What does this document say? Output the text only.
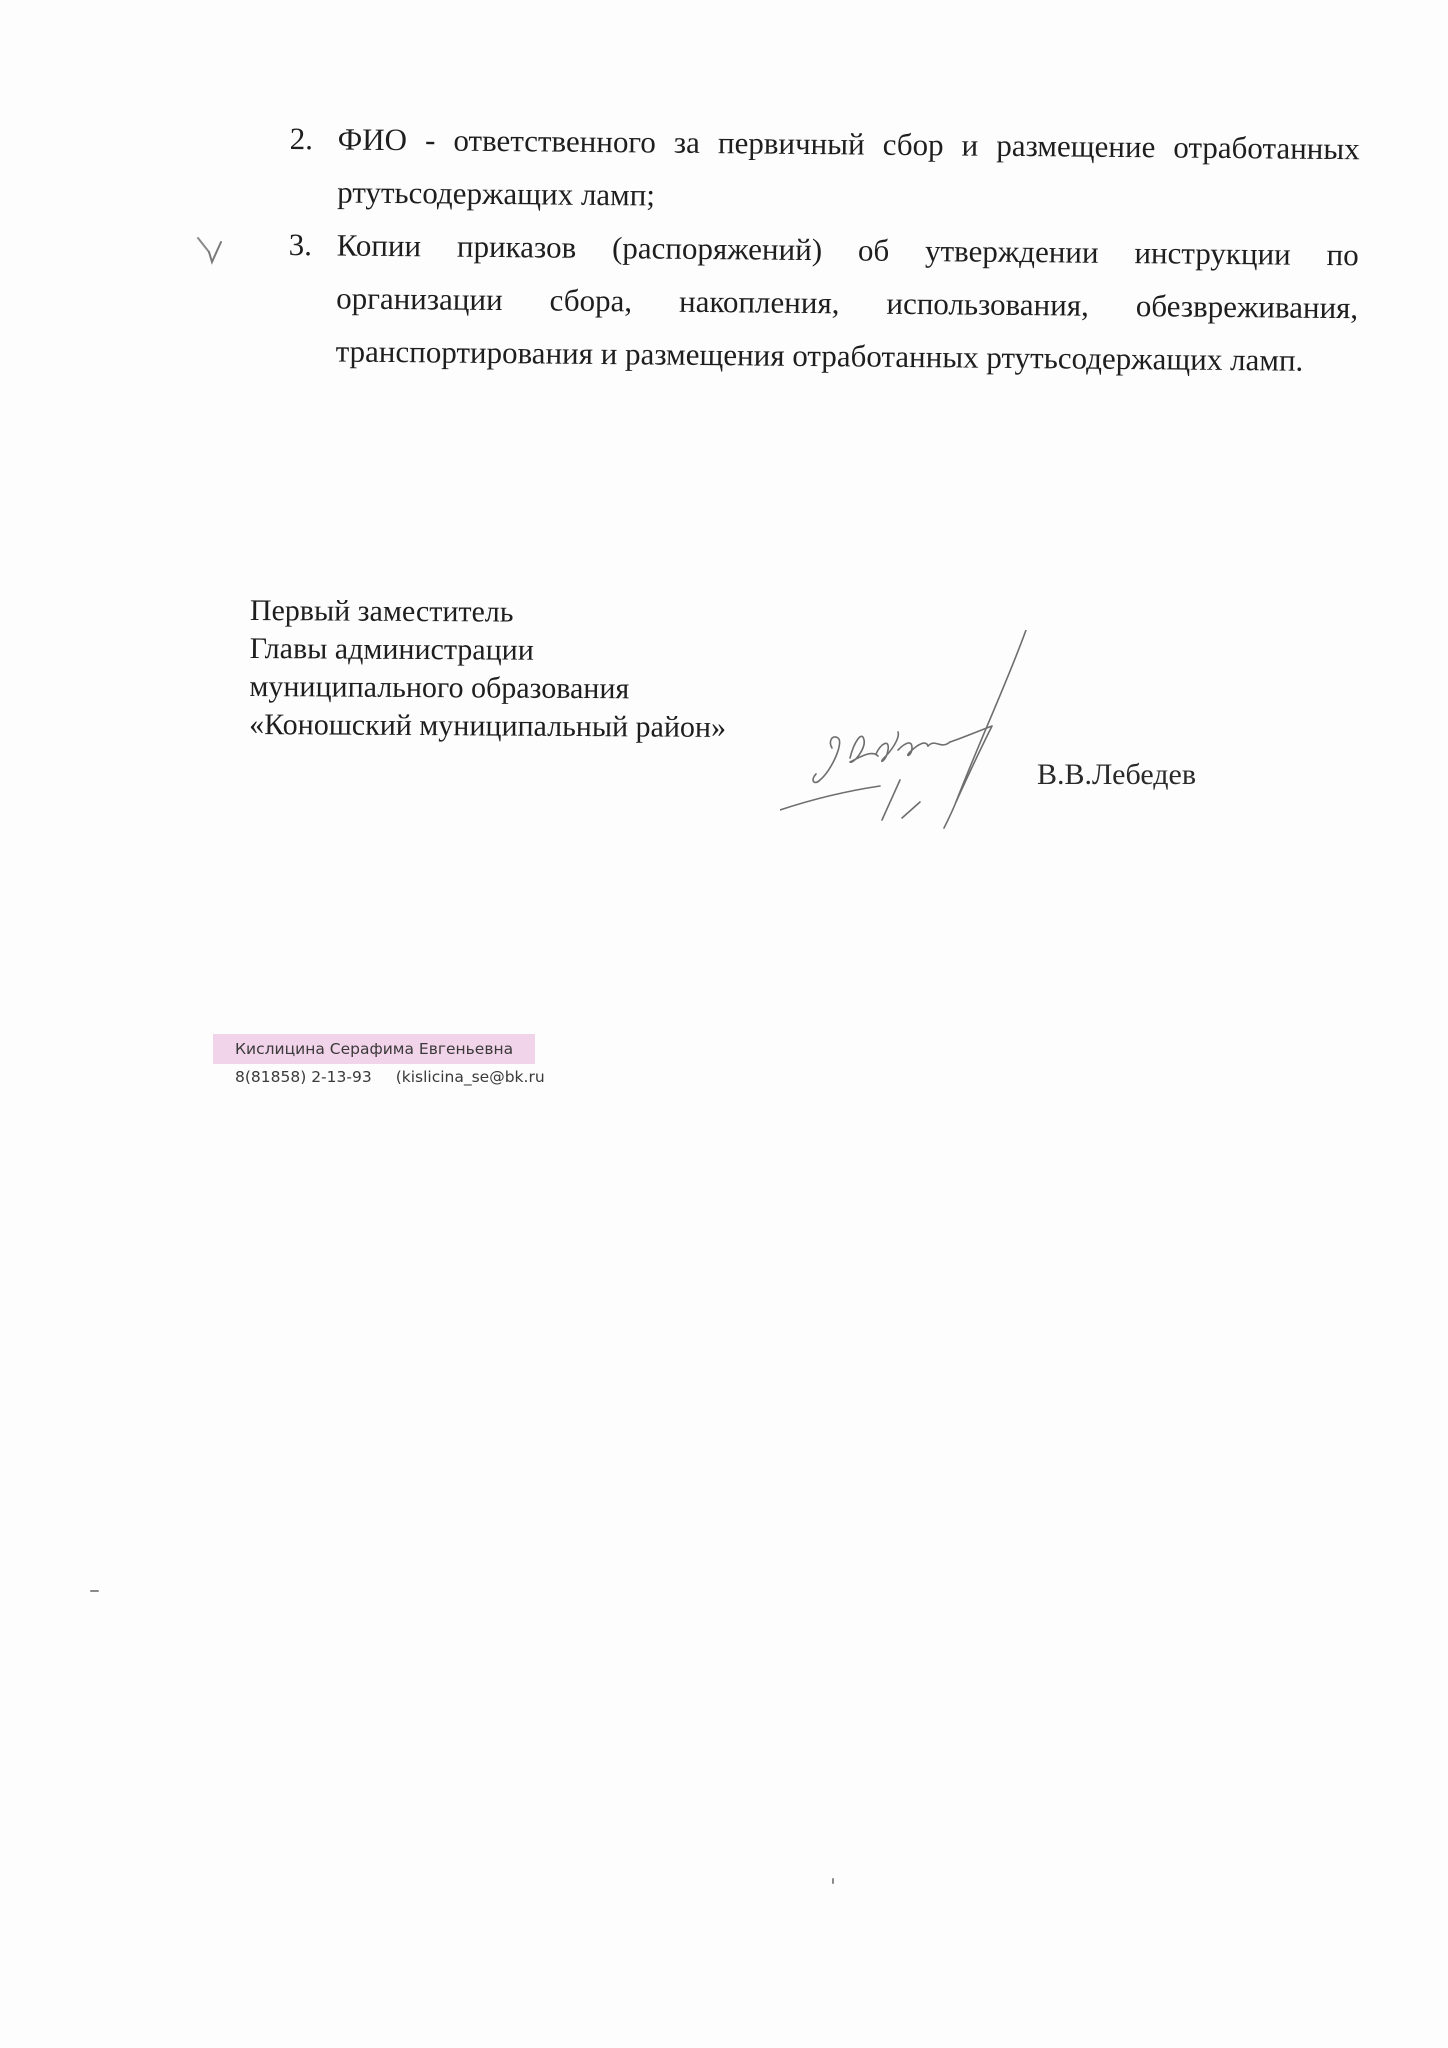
2. ФИО - ответственного за первичный сбор и размещение отработанных ртутьсодержащих ламп;
3. Копии приказов (распоряжений) об утверждении инструкции по организации сбора, накопления, использования, обезвреживания, транспортирования и размещения отработанных ртутьсодержащих ламп.
Первый заместитель
Главы администрации
муниципального образования
«Коношский муниципальный район»
В.В.Лебедев
Кислицина Серафима Евгеньевна
8(81858) 2-13-93 (kislicina_se@bk.ru
